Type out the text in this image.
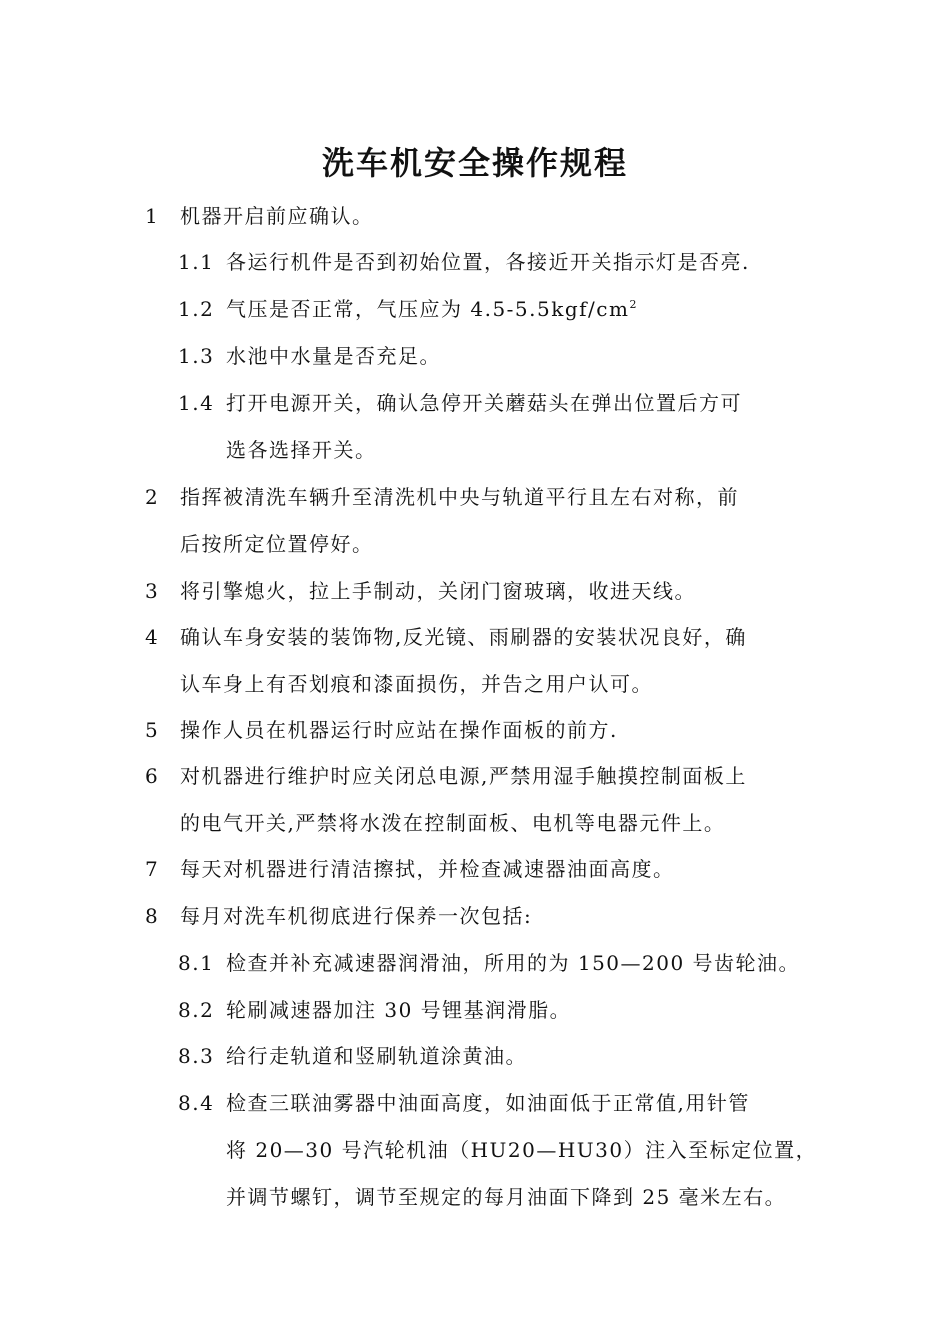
洗车机安全操作规程
1 机器开启前应确认。
1.1 各运行机件是否到初始位置，各接近开关指示灯是否亮.
1.2 气压是否正常，气压应为 $4.5-5.5kgf/cm^2$
1.3 水池中水量是否充足。
1.4 打开电源开关，确认急停开关蘑菇头在弹出位置后方可
选各选择开关。
2 指挥被清洗车辆升至清洗机中央与轨道平行且左右对称，前
后按所定位置停好。
3 将引擎熄火，拉上手制动，关闭门窗玻璃，收进天线。
4 确认车身安装的装饰物,反光镜、雨刷器的安装状况良好，确
认车身上有否划痕和漆面损伤，并告之用户认可。
5 操作人员在机器运行时应站在操作面板的前方.
6 对机器进行维护时应关闭总电源,严禁用湿手触摸控制面板上
的电气开关,严禁将水泼在控制面板、电机等电器元件上。
7 每天对机器进行清洁擦拭，并检查减速器油面高度。
8 每月对洗车机彻底进行保养一次包括:
8.1 检查并补充减速器润滑油，所用的为 150—200 号齿轮油。
8.2 轮刷减速器加注 30 号锂基润滑脂。
8.3 给行走轨道和竖刷轨道涂黄油。
8.4 检查三联油雾器中油面高度，如油面低于正常值,用针管
将 20—30 号汽轮机油（HU20—HU30）注入至标定位置，
并调节螺钉，调节至规定的每月油面下降到 25 毫米左右。
